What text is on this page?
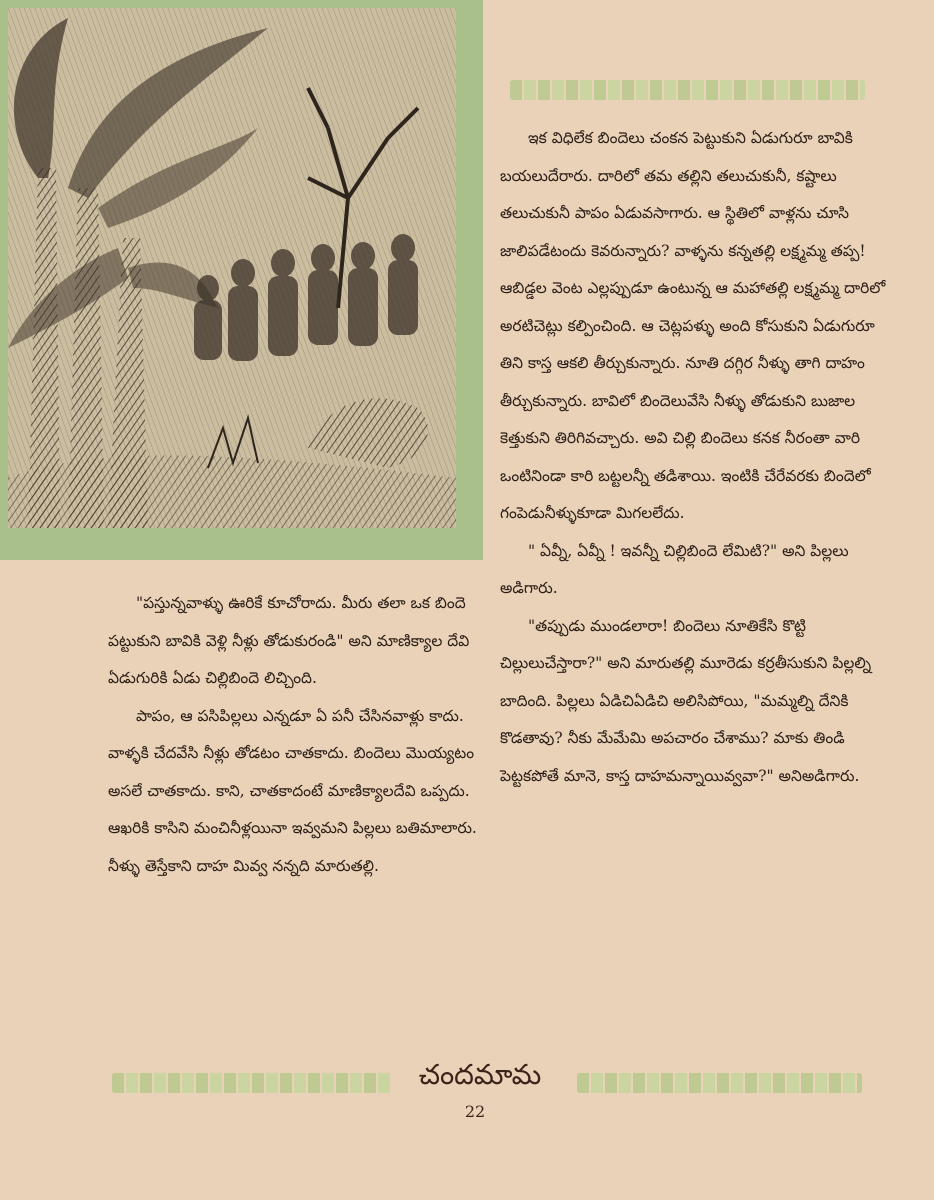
ఇక విధిలేక బిందెలు చంకన పెట్టుకుని ఏడుగురూ బావికి బయలుదేరారు. దారిలో తమ తల్లిని తలుచుకునీ, కష్టాలు తలుచుకునీ పాపం ఏడువసాగారు. ఆ స్థితిలో వాళ్లను చూసి జాలిపడేటందు కెవరున్నారు? వాళ్ళను కన్నతల్లి లక్ష్మమ్మ తప్ప! ఆబిడ్డల వెంట ఎల్లప్పుడూ ఉంటున్న ఆ మహాతల్లి లక్ష్మమ్మ దారిలో అరటిచెట్లు కల్పించింది. ఆ చెట్లపళ్ళు అంది కోసుకుని ఏడుగురూ తిని కాస్త ఆకలి తీర్చుకున్నారు. నూతి దగ్గిర నీళ్ళు తాగి దాహం తీర్చుకున్నారు. బావిలో బిందెలువేసి నీళ్ళు తోడుకుని బుజాల కెత్తుకుని తిరిగివచ్చారు. అవి చిల్లి బిందెలు కనక నీరంతా వారి ఒంటినిండా కారి బట్టలన్నీ తడిశాయి. ఇంటికి చేరేవరకు బిందెలో గంపెడునీళ్ళుకూడా మిగలలేదు.

" ఏవ్నీ, ఏవ్నీ ! ఇవన్నీ చిల్లిబిందె లేమిటి?" అని పిల్లలు అడిగారు.

"తప్పుడు ముండలారా! బిందెలు నూతికేసి కొట్టి చిల్లులుచేస్తారా?" అని మారుతల్లి మూరెడు కర్రతీసుకుని పిల్లల్ని బాదింది. పిల్లలు ఏడిచిఏడిచి అలిసిపోయి, "మమ్మల్ని దేనికి కొడతావు? నీకు మేమేమి అపచారం చేశాము? మాకు తిండి పెట్టకపోతే మానె, కాస్త దాహమన్నాయివ్వవా?" అనిఅడిగారు.

"పస్తున్నవాళ్ళు ఊరికే కూచోరాదు. మీరు తలా ఒక బిందె పట్టుకుని బావికి వెళ్లి నీళ్లు తోడుకురండి" అని మాణిక్యాల దేవి ఏడుగురికి ఏడు చిల్లిబిందె లిచ్చింది.

పాపం, ఆ పసిపిల్లలు ఎన్నడూ ఏ పనీ చేసినవాళ్లు కాదు. వాళ్ళకి చేదవేసి నీళ్లు తోడటం చాతకాదు. బిందెలు మొయ్యటం అసలే చాతకాదు. కాని, చాతకాదంటే మాణిక్యాలదేవి ఒప్పదు. ఆఖరికి కాసిని మంచినీళ్లయినా ఇవ్వమని పిల్లలు బతిమాలారు. నీళ్ళు తెస్తేకాని దాహ మివ్వ నన్నది మారుతల్లి.

చందమామ
22
